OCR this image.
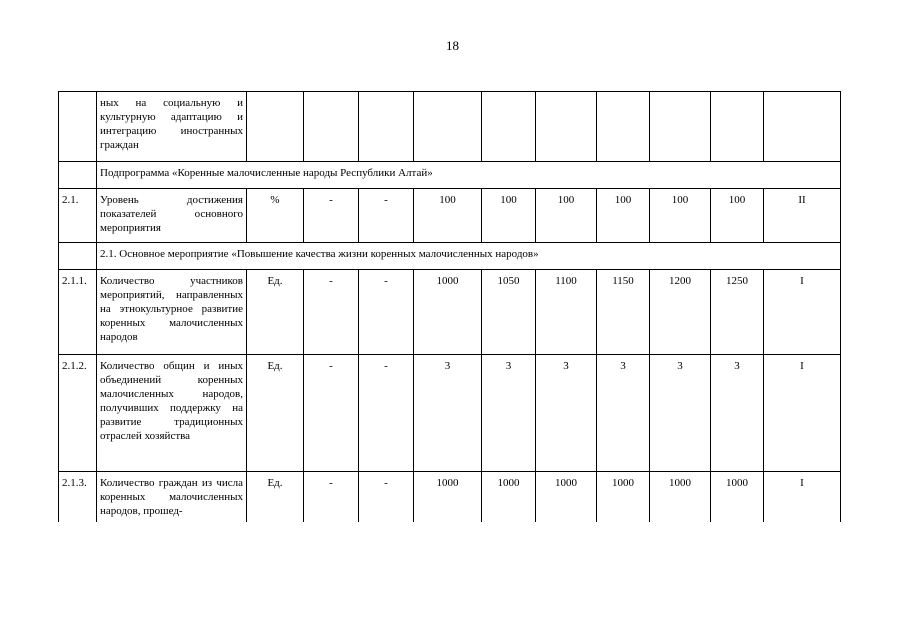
18
	ных на социальную и культурную адаптацию и интеграцию иностранных граждан										
	Подпрограмма «Коренные малочисленные народы Республики Алтай»										
2.1.	Уровень достижения показателей основного мероприятия	%	-	-	100	100	100	100	100	100	II
	2.1. Основное мероприятие «Повышение качества жизни коренных малочисленных народов»										
2.1.1.	Количество участников мероприятий, направленных на этнокультурное развитие коренных малочисленных народов	Ед.	-	-	1000	1050	1100	1150	1200	1250	I
2.1.2.	Количество общин и иных объединений коренных малочисленных народов, получивших поддержку на развитие традиционных отраслей хозяйства	Ед.	-	-	3	3	3	3	3	3	I
2.1.3.	Количество граждан из числа коренных малочисленных народов, прошед-	Ед.	-	-	1000	1000	1000	1000	1000	1000	I
